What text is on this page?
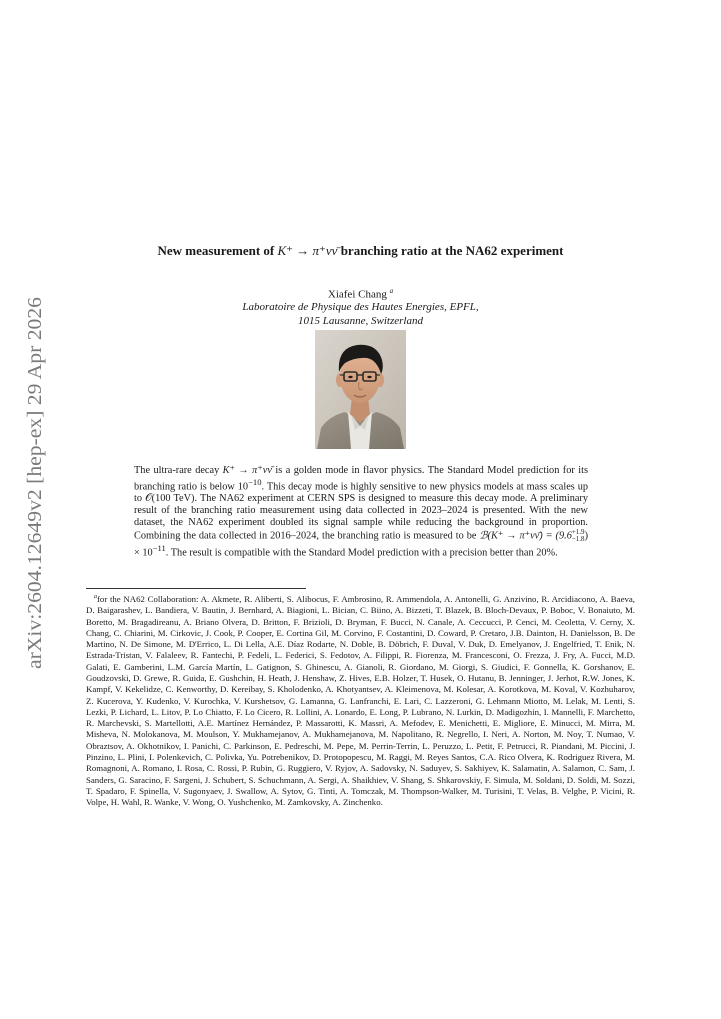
arXiv:2604.12649v2 [hep-ex] 29 Apr 2026
New measurement of K⁺ → π⁺νν̄ branching ratio at the NA62 experiment
Xiafei Chang $^a$
Laboratoire de Physique des Hautes Energies, EPFL,
1015 Lausanne, Switzerland

The ultra-rare decay K⁺ → π⁺νν̄ is a golden mode in flavor physics. The Standard Model prediction for its branching ratio is below $10^{-10}$. This decay mode is highly sensitive to new physics models at mass scales up to 𝒪(100 TeV). The NA62 experiment at CERN SPS is designed to measure this decay mode. A preliminary result of the branching ratio measurement using data collected in 2023–2024 is presented. With the new dataset, the NA62 experiment doubled its signal sample while reducing the background in proportion. Combining the data collected in 2016–2024, the branching ratio is measured to be ℬ(K⁺ → π⁺νν̄) = (9.6 +1.9
−1.8 ) × $10^{-11}$. The result is compatible with the Standard Model prediction with a precision better than 20%.

$^a$for the NA62 Collaboration: A. Akmete, R. Aliberti, S. Alibocus, F. Ambrosino, R. Ammendola, A. Antonelli, G. Anzivino, R. Arcidiacono, A. Baeva, D. Baigarashev, L. Bandiera, V. Bautin, J. Bernhard, A. Biagioni, L. Bician, C. Biino, A. Bizzeti, T. Blazek, B. Bloch-Devaux, P. Boboc, V. Bonaiuto, M. Boretto, M. Bragadireanu, A. Briano Olvera, D. Britton, F. Brizioli, D. Bryman, F. Bucci, N. Canale, A. Ceccucci, P. Cenci, M. Ceoletta, V. Cerny, X. Chang, C. Chiarini, M. Cirkovic, J. Cook, P. Cooper, E. Cortina Gil, M. Corvino, F. Costantini, D. Coward, P. Cretaro, J.B. Dainton, H. Danielsson, B. De Martino, N. De Simone, M. D'Errico, L. Di Lella, A.E. Díaz Rodarte, N. Doble, B. Döbrich, F. Duval, V. Duk, D. Emelyanov, J. Engelfried, T. Enik, N. Estrada-Tristan, V. Falaleev, R. Fantechi, P. Fedeli, L. Federici, S. Fedotov, A. Filippi, R. Fiorenza, M. Francesconi, O. Frezza, J. Fry, A. Fucci, M.D. Galati, E. Gamberini, L.M. García Martín, L. Gatignon, S. Ghinescu, A. Gianoli, R. Giordano, M. Giorgi, S. Giudici, F. Gonnella, K. Gorshanov, E. Goudzovski, D. Grewe, R. Guida, E. Gushchin, H. Heath, J. Henshaw, Z. Hives, E.B. Holzer, T. Husek, O. Hutanu, B. Jenninger, J. Jerhot, R.W. Jones, K. Kampf, V. Kekelidze, C. Kenworthy, D. Kereibay, S. Kholodenko, A. Khotyantsev, A. Kleimenova, M. Kolesar, A. Korotkova, M. Koval, V. Kozhuharov, Z. Kucerova, Y. Kudenko, V. Kurochka, V. Kurshetsov, G. Lamanna, G. Lanfranchi, E. Lari, C. Lazzeroni, G. Lehmann Miotto, M. Lelak, M. Lenti, S. Lezki, P. Lichard, L. Litov, P. Lo Chiatto, F. Lo Cicero, R. Lollini, A. Lonardo, E. Long, P. Lubrano, N. Lurkin, D. Madigozhin, I. Mannelli, F. Marchetto, R. Marchevski, S. Martellotti, A.E. Martínez Hernández, P. Massarotti, K. Massri, A. Mefodev, E. Menichetti, E. Migliore, E. Minucci, M. Mirra, M. Misheva, N. Molokanova, M. Moulson, Y. Mukhamejanov, A. Mukhamejanova, M. Napolitano, R. Negrello, I. Neri, A. Norton, M. Noy, T. Numao, V. Obraztsov, A. Okhotnikov, I. Panichi, C. Parkinson, E. Pedreschi, M. Pepe, M. Perrin-Terrin, L. Peruzzo, L. Petit, F. Petrucci, R. Piandani, M. Piccini, J. Pinzino, L. Plini, I. Polenkevich, C. Polivka, Yu. Potrebenikov, D. Protopopescu, M. Raggi, M. Reyes Santos, C.A. Rico Olvera, K. Rodriguez Rivera, M. Romagnoni, A. Romano, I. Rosa, C. Rossi, P. Rubin, G. Ruggiero, V. Ryjov, A. Sadovsky, N. Saduyev, S. Sakhiyev, K. Salamatin, A. Salamon, C. Sam, J. Sanders, G. Saracino, F. Sargeni, J. Schubert, S. Schuchmann, A. Sergi, A. Shaikhiev, V. Shang, S. Shkarovskiy, F. Simula, M. Soldani, D. Soldi, M. Sozzi, T. Spadaro, F. Spinella, V. Sugonyaev, J. Swallow, A. Sytov, G. Tinti, A. Tomczak, M. Thompson-Walker, M. Turisini, T. Velas, B. Velghe, P. Vicini, R. Volpe, H. Wahl, R. Wanke, V. Wong, O. Yushchenko, M. Zamkovsky, A. Zinchenko.
